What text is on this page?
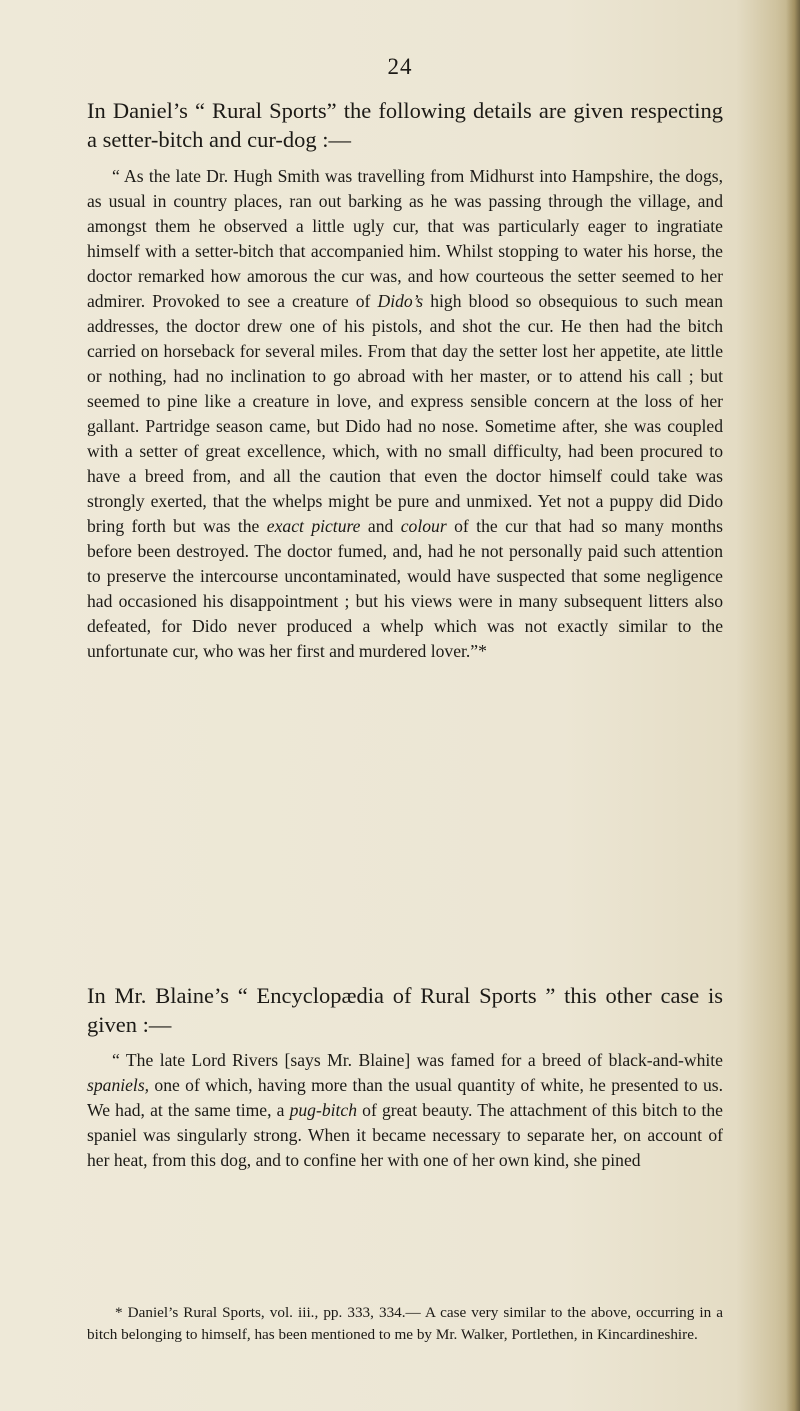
24

In Daniel’s “ Rural Sports” the following details are given respecting a setter-bitch and cur-dog :—

“ As the late Dr. Hugh Smith was travelling from Midhurst into Hampshire, the dogs, as usual in country places, ran out barking as he was passing through the village, and amongst them he observed a little ugly cur, that was particularly eager to ingratiate himself with a setter-bitch that accompanied him. Whilst stopping to water his horse, the doctor remarked how amorous the cur was, and how courteous the setter seemed to her admirer. Provoked to see a creature of Dido’s high blood so obsequious to such mean addresses, the doctor drew one of his pistols, and shot the cur. He then had the bitch carried on horseback for several miles. From that day the setter lost her appetite, ate little or nothing, had no inclination to go abroad with her master, or to attend his call ; but seemed to pine like a creature in love, and express sensible concern at the loss of her gallant. Partridge season came, but Dido had no nose. Sometime after, she was coupled with a setter of great excellence, which, with no small difficulty, had been procured to have a breed from, and all the caution that even the doctor himself could take was strongly exerted, that the whelps might be pure and unmixed. Yet not a puppy did Dido bring forth but was the exact picture and colour of the cur that had so many months before been destroyed. The doctor fumed, and, had he not personally paid such attention to preserve the intercourse uncontaminated, would have suspected that some negligence had occasioned his disappointment ; but his views were in many subsequent litters also defeated, for Dido never produced a whelp which was not exactly similar to the unfortunate cur, who was her first and murdered lover.”*

In Mr. Blaine’s “ Encyclopædia of Rural Sports ” this other case is given :—

“ The late Lord Rivers [says Mr. Blaine] was famed for a breed of black-and-white spaniels, one of which, having more than the usual quantity of white, he presented to us. We had, at the same time, a pug-bitch of great beauty. The attachment of this bitch to the spaniel was singularly strong. When it became necessary to separate her, on account of her heat, from this dog, and to confine her with one of her own kind, she pined

* Daniel’s Rural Sports, vol. iii., pp. 333, 334.— A case very similar to the above, occurring in a bitch belonging to himself, has been mentioned to me by Mr. Walker, Portlethen, in Kincardineshire.
